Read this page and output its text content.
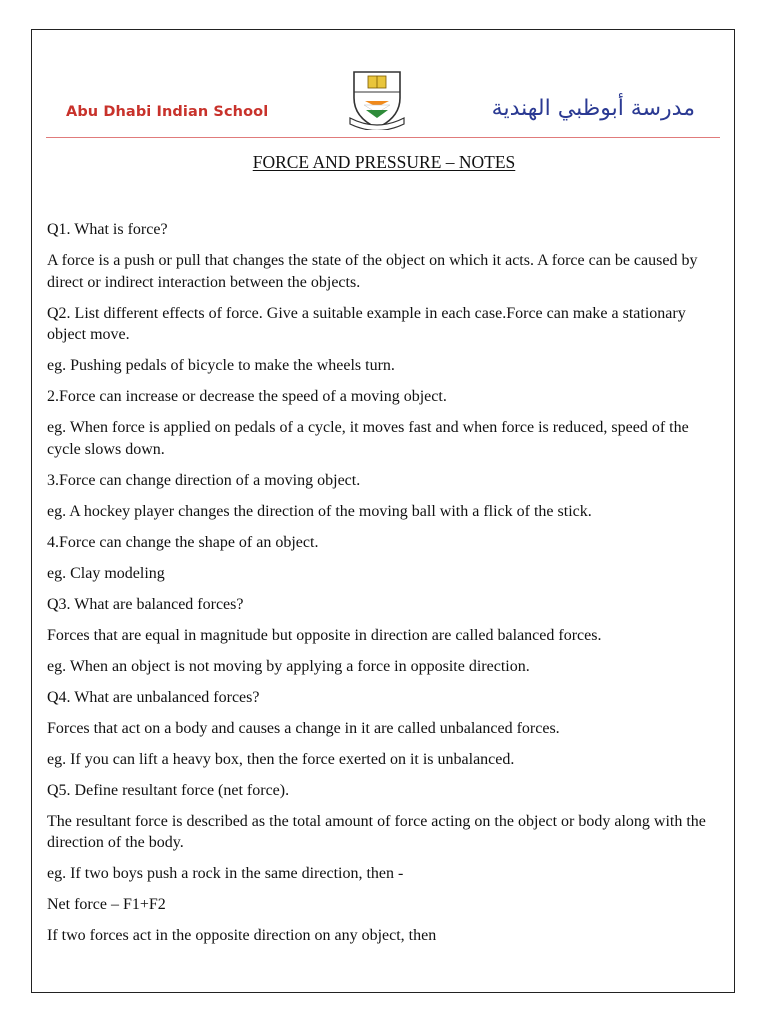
Abu Dhabi Indian School	مدرسة أبوظبي الهندية
FORCE AND PRESSURE – NOTES

Q1. What is force?

A force is a push or pull that changes the state of the object on which it acts. A force can be caused by direct or indirect interaction between the objects.

Q2. List different effects of force. Give a suitable example in each case.Force can make a stationary object move.

eg. Pushing pedals of bicycle to make the wheels turn.

2.Force can increase or decrease the speed of a moving object.

eg. When force is applied on pedals of a cycle, it moves fast and when force is reduced, speed of the cycle slows down.

3.Force can change direction of a moving object.

eg. A hockey player changes the direction of the moving ball with a flick of the stick.

4.Force can change the shape of an object.

eg. Clay modeling

Q3. What are balanced forces?

Forces that are equal in magnitude but opposite in direction are called balanced forces.

eg. When an object is not moving by applying a force in opposite direction.

Q4. What are unbalanced forces?

Forces that act on a body and causes a change in it are called unbalanced forces.

eg. If you can lift a heavy box, then the force exerted on it is unbalanced.

Q5. Define resultant force (net force).

The resultant force is described as the total amount of force acting on the object or body along with the direction of the body.

eg. If two boys push a rock in the same direction, then -

Net force – F1+F2

If two forces act in the opposite direction on any object, then
